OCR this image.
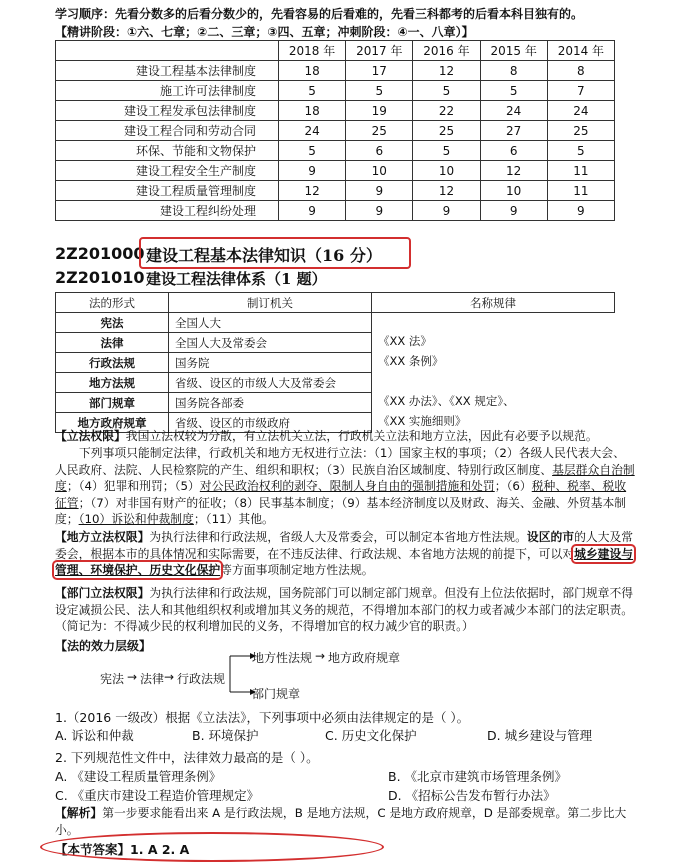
学习顺序：先看分数多的后看分数少的，先看容易的后看难的，先看三科都考的后看本科目独有的。
【精讲阶段：①六、七章；②二、三章；③四、五章；冲刺阶段：④一、八章）】
	2018 年	2017 年	2016 年	2015 年	2014 年
建设工程基本法律制度	18	17	12	8	8
施工许可法律制度	5	5	5	5	7
建设工程发承包法律制度	18	19	22	24	24
建设工程合同和劳动合同	24	25	25	27	25
环保、节能和文物保护	5	6	5	6	5
建设工程安全生产制度	9	10	10	12	11
建设工程质量管理制度	12	9	12	10	11
建设工程纠纷处理	9	9	9	9	9
2Z201000 建设工程基本法律知识（16 分）
2Z201010 建设工程法律体系（1 题）
法的形式	制订机关	名称规律
宪法	全国人大	
法律	全国人大及常委会	《XX 法》
行政法规	国务院	《XX 条例》
地方法规	省级、设区的市级人大及常委会	
部门规章	国务院各部委	《XX 办法》、《XX 规定》、
地方政府规章	省级、设区的市级政府	《XX 实施细则》
【立法权限】我国立法权较为分散，有立法机关立法，行政机关立法和地方立法，因此有必要予以规范。
下列事项只能制定法律，行政机关和地方无权进行立法：（1）国家主权的事项；（2）各级人民代表大会、人民政府、法院、人民检察院的产生、组织和职权；（3）民族自治区域制度、特别行政区制度、基层群众自治制度；（4）犯罪和刑罚；（5）对公民政治权利的剥夺、限制人身自由的强制措施和处罚；（6）税种、税率、税收征管；（7）对非国有财产的征收；（8）民事基本制度；（9）基本经济制度以及财政、海关、金融、外贸基本制度；（10）诉讼和仲裁制度；（11）其他。
【地方立法权限】为执行法律和行政法规，省级人大及常委会，可以制定本省地方性法规。设区的市的人大及常委会，根据本市的具体情况和实际需要，在不违反法律、行政法规、本省地方法规的前提下，可以对城乡建设与管理、环境保护、历史文化保护等方面事项制定地方性法规。
【部门立法权限】为执行法律和行政法规，国务院部门可以制定部门规章。但没有上位法依据时，部门规章不得设定减损公民、法人和其他组织权利或增加其义务的规范，不得增加本部门的权力或者减少本部门的法定职责。（简记为：不得减少民的权利增加民的义务，不得增加官的权力减少官的职责。）
【法的效力层级】
宪法 → 法律 → 行政法规
地方性法规 → 地方政府规章
部门规章
1.（2016 一级改）根据《立法法》，下列事项中必须由法律规定的是（ ）。
A. 诉讼和仲裁	B. 环境保护	C. 历史文化保护	D. 城乡建设与管理
2. 下列规范性文件中，法律效力最高的是（ ）。
A. 《建设工程质量管理条例》	B. 《北京市建筑市场管理条例》
C. 《重庆市建设工程造价管理规定》	D. 《招标公告发布暂行办法》
【解析】第一步要求能看出来 A 是行政法规，B 是地方法规，C 是地方政府规章，D 是部委规章。第二步比大小。
【本节答案】1. A 2. A
